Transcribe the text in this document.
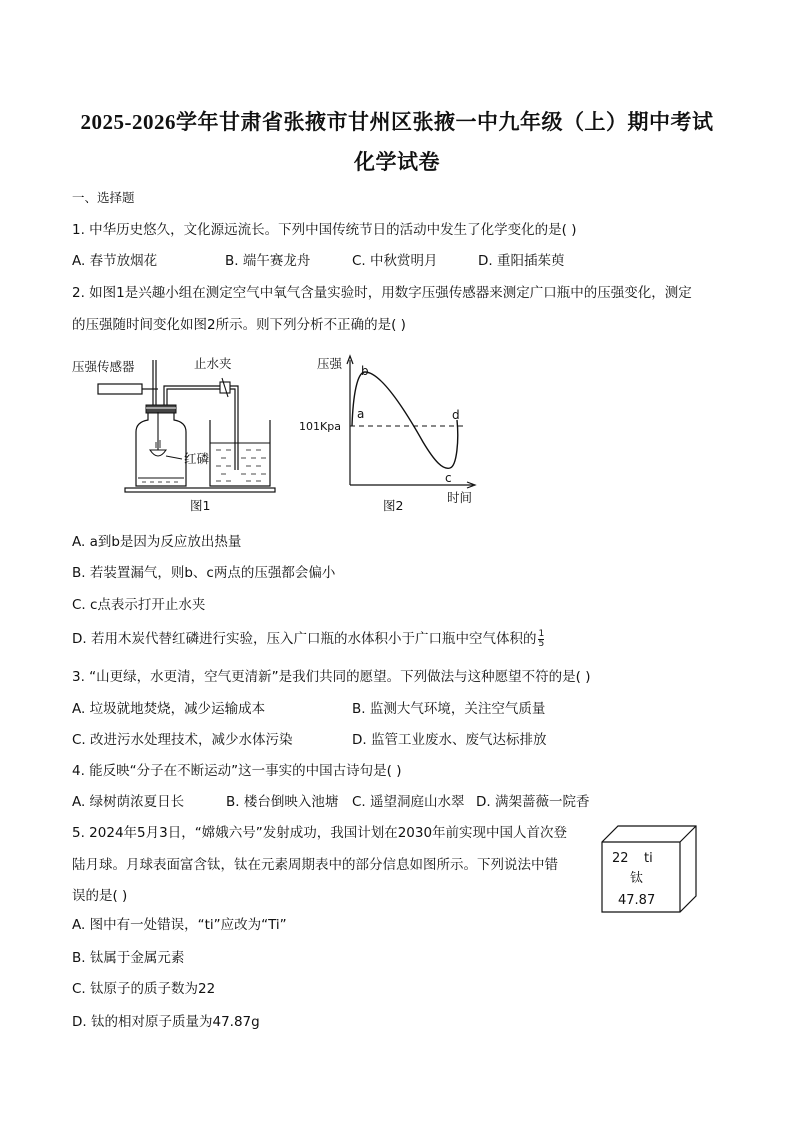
2025-2026学年甘肃省张掖市甘州区张掖一中九年级（上）期中考试
化学试卷
一、选择题
1. 中华历史悠久，文化源远流长。下列中国传统节日的活动中发生了化学变化的是( )
A. 春节放烟花	B. 端午赛龙舟	C. 中秋赏明月	D. 重阳插茱萸
2. 如图1是兴趣小组在测定空气中氧气含量实验时，用数字压强传感器来测定广口瓶中的压强变化，测定
的压强随时间变化如图2所示。则下列分析不正确的是( )
压强传感器	止水夹
红磷
图1
压强
时间
101Kpa
a
b
c
d
图2
A. a到b是因为反应放出热量
B. 若装置漏气，则b、c两点的压强都会偏小
C. c点表示打开止水夹
D. 若用木炭代替红磷进行实验，压入广口瓶的水体积小于广口瓶中空气体积的 $\frac{1}{5}$
3. “山更绿，水更清，空气更清新”是我们共同的愿望。下列做法与这种愿望不符的是( )
A. 垃圾就地焚烧，减少运输成本	B. 监测大气环境，关注空气质量
C. 改进污水处理技术，减少水体污染	D. 监管工业废水、废气达标排放
4. 能反映“分子在不断运动”这一事实的中国古诗句是( )
A. 绿树荫浓夏日长	B. 楼台倒映入池塘 C. 遥望洞庭山水翠 D. 满架蔷薇一院香
5. 2024年5月3日，“嫦娥六号”发射成功，我国计划在2030年前实现中国人首次登
陆月球。月球表面富含钛，钛在元素周期表中的部分信息如图所示。下列说法中错
误的是( )
22 ti
钛
47.87
A. 图中有一处错误，“ti”应改为“Ti”
B. 钛属于金属元素
C. 钛原子的质子数为22
D. 钛的相对原子质量为47.87g
